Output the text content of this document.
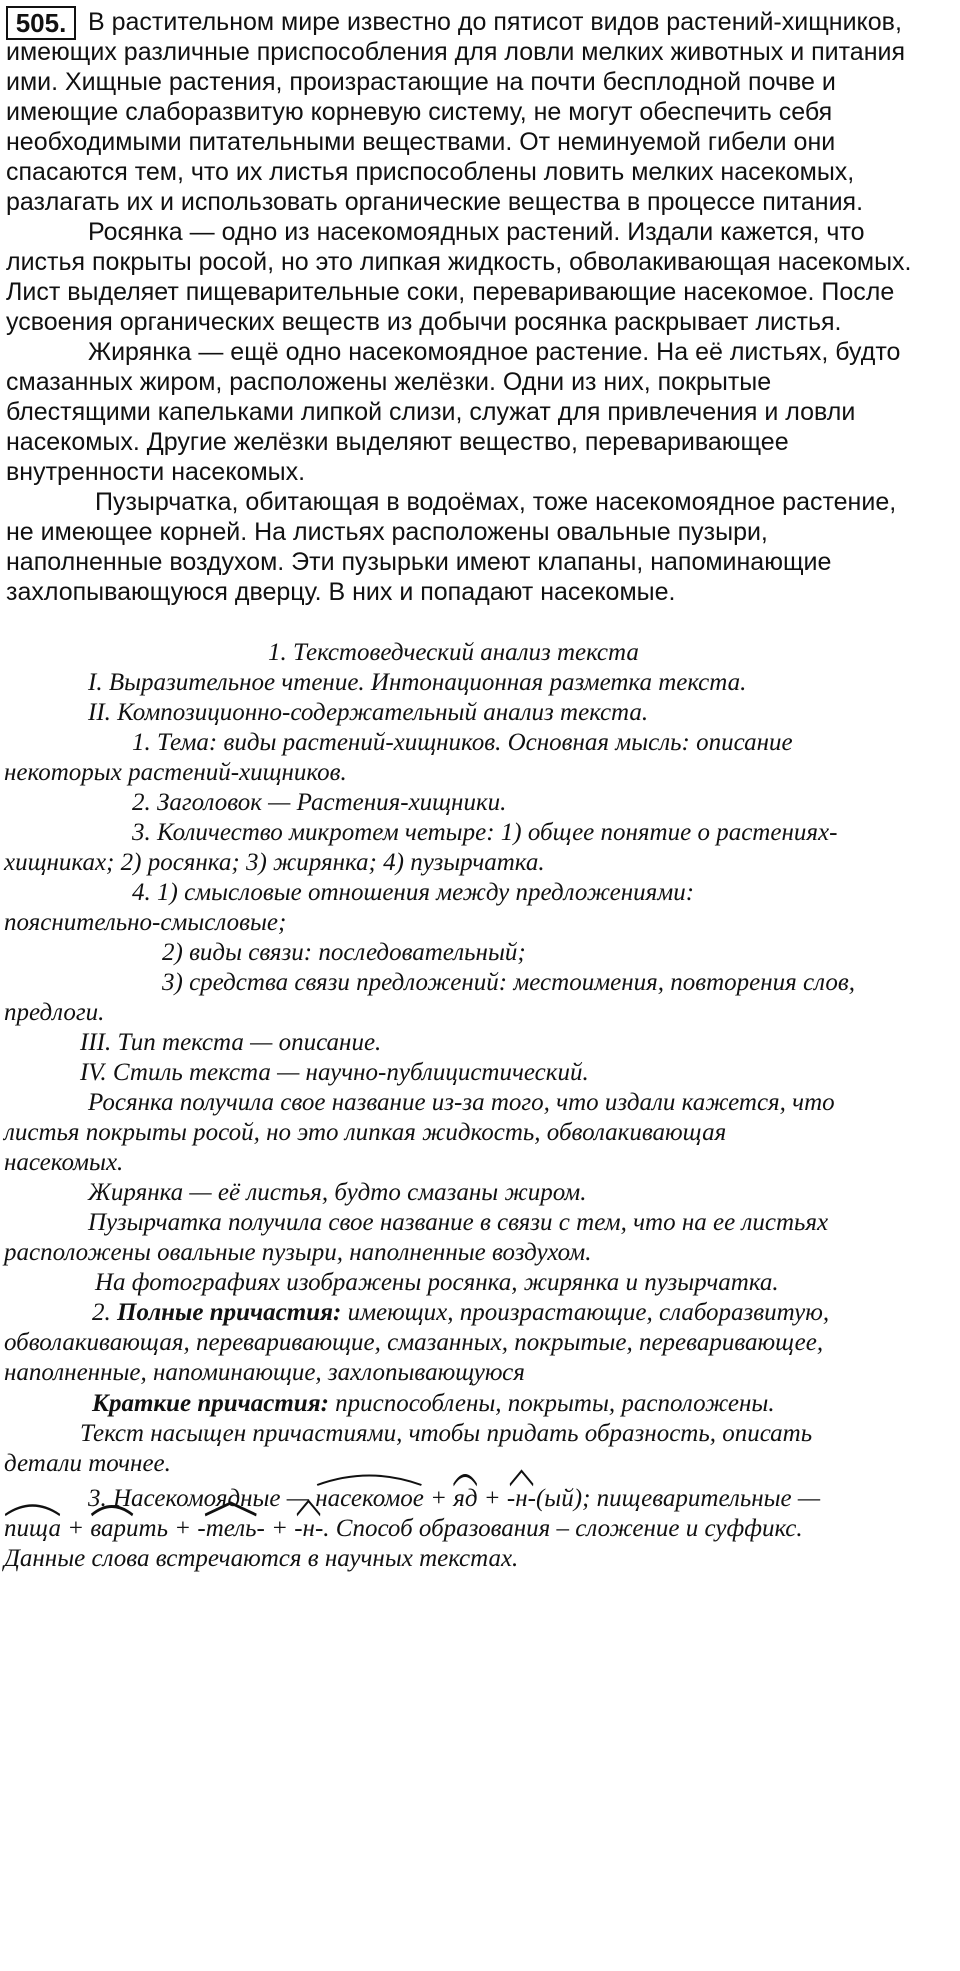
505. В растительном мире известно до пятисот видов растений-хищников,
имеющих различные приспособления для ловли мелких животных и питания
ими. Хищные растения, произрастающие на почти бесплодной почве и
имеющие слаборазвитую корневую систему, не могут обеспечить себя
необходимыми питательными веществами. От неминуемой гибели они
спасаются тем, что их листья приспособлены ловить мелких насекомых,
разлагать их и использовать органические вещества в процессе питания.
Росянка — одно из насекомоядных растений. Издали кажется, что
листья покрыты росой, но это липкая жидкость, обволакивающая насекомых.
Лист выделяет пищеварительные соки, переваривающие насекомое. После
усвоения органических веществ из добычи росянка раскрывает листья.
Жирянка — ещё одно насекомоядное растение. На её листьях, будто
смазанных жиром, расположены желёзки. Одни из них, покрытые
блестящими капельками липкой слизи, служат для привлечения и ловли
насекомых. Другие желёзки выделяют вещество, переваривающее
внутренности насекомых.
Пузырчатка, обитающая в водоёмах, тоже насекомоядное растение,
не имеющее корней. На листьях расположены овальные пузыри,
наполненные воздухом. Эти пузырьки имеют клапаны, напоминающие
захлопывающуюся дверцу. В них и попадают насекомые.
1. Текстоведческий анализ текста
I. Выразительное чтение. Интонационная разметка текста.
II. Композиционно-содержательный анализ текста.
1. Тема: виды растений-хищников. Основная мысль: описание
некоторых растений-хищников.
2. Заголовок — Растения-хищники.
3. Количество микротем четыре: 1) общее понятие о растениях-
хищниках; 2) росянка; 3) жирянка; 4) пузырчатка.
4. 1) смысловые отношения между предложениями:
пояснительно-смысловые;
2) виды связи: последовательный;
3) средства связи предложений: местоимения, повторения слов,
предлоги.
III. Тип текста — описание.
IV. Стиль текста — научно-публицистический.
Росянка получила свое название из-за того, что издали кажется, что
листья покрыты росой, но это липкая жидкость, обволакивающая
насекомых.
Жирянка — её листья, будто смазаны жиром.
Пузырчатка получила свое название в связи с тем, что на ее листьях
расположены овальные пузыри, наполненные воздухом.
На фотографиях изображены росянка, жирянка и пузырчатка.
2. Полные причастия: имеющих, произрастающие, слаборазвитую,
обволакивающая, переваривающие, смазанных, покрытые, переваривающее,
наполненные, напоминающие, захлопывающуюся
Краткие причастия: приспособлены, покрыты, расположены.
Текст насыщен причастиями, чтобы придать образность, описать
детали точнее.
3. Насекомоядные — насекомое + яд + -н-(ый); пищеварительные —
пища + варить + -тель- + -н-. Способ образования – сложение и суффикс.
Данные слова встречаются в научных текстах.
